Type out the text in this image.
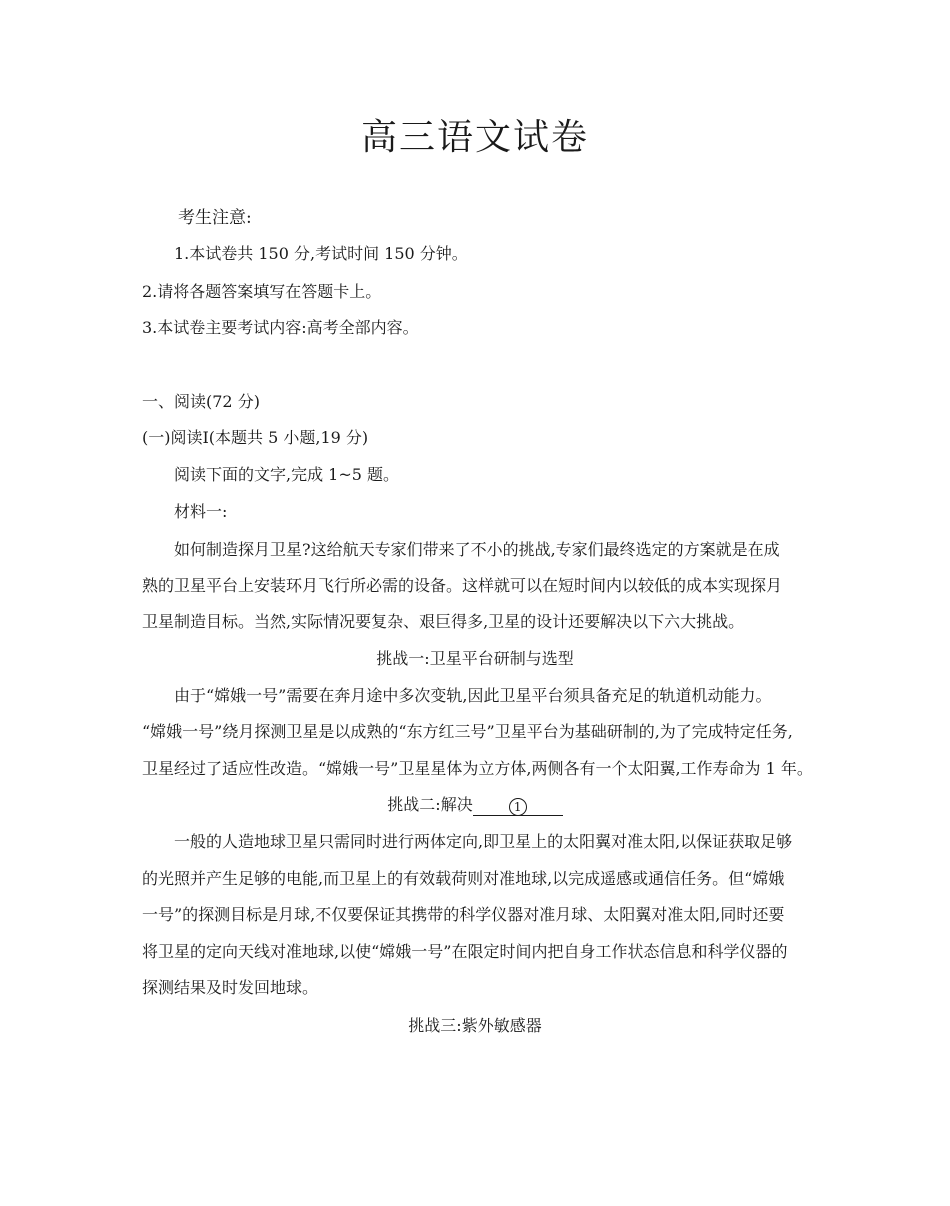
高三语文试卷
考生注意:
1.本试卷共 150 分,考试时间 150 分钟。
2.请将各题答案填写在答题卡上。
3.本试卷主要考试内容:高考全部内容。
一、阅读(72 分)
(一)阅读I(本题共 5 小题,19 分)
阅读下面的文字,完成 1~5 题。
材料一:
如何制造探月卫星?这给航天专家们带来了不小的挑战,专家们最终选定的方案就是在成
熟的卫星平台上安装环月飞行所必需的设备。这样就可以在短时间内以较低的成本实现探月
卫星制造目标。当然,实际情况要复杂、艰巨得多,卫星的设计还要解决以下六大挑战。
挑战一:卫星平台研制与选型
由于“嫦娥一号”需要在奔月途中多次变轨,因此卫星平台须具备充足的轨道机动能力。
“嫦娥一号”绕月探测卫星是以成熟的“东方红三号”卫星平台为基础研制的,为了完成特定任务,
卫星经过了适应性改造。“嫦娥一号”卫星星体为立方体,两侧各有一个太阳翼,工作寿命为 1 年。
挑战二:解决	1
一般的人造地球卫星只需同时进行两体定向,即卫星上的太阳翼对准太阳,以保证获取足够
的光照并产生足够的电能,而卫星上的有效载荷则对准地球,以完成遥感或通信任务。但“嫦娥
一号”的探测目标是月球,不仅要保证其携带的科学仪器对准月球、太阳翼对准太阳,同时还要
将卫星的定向天线对准地球,以使“嫦娥一号”在限定时间内把自身工作状态信息和科学仪器的
探测结果及时发回地球。
挑战三:紫外敏感器
